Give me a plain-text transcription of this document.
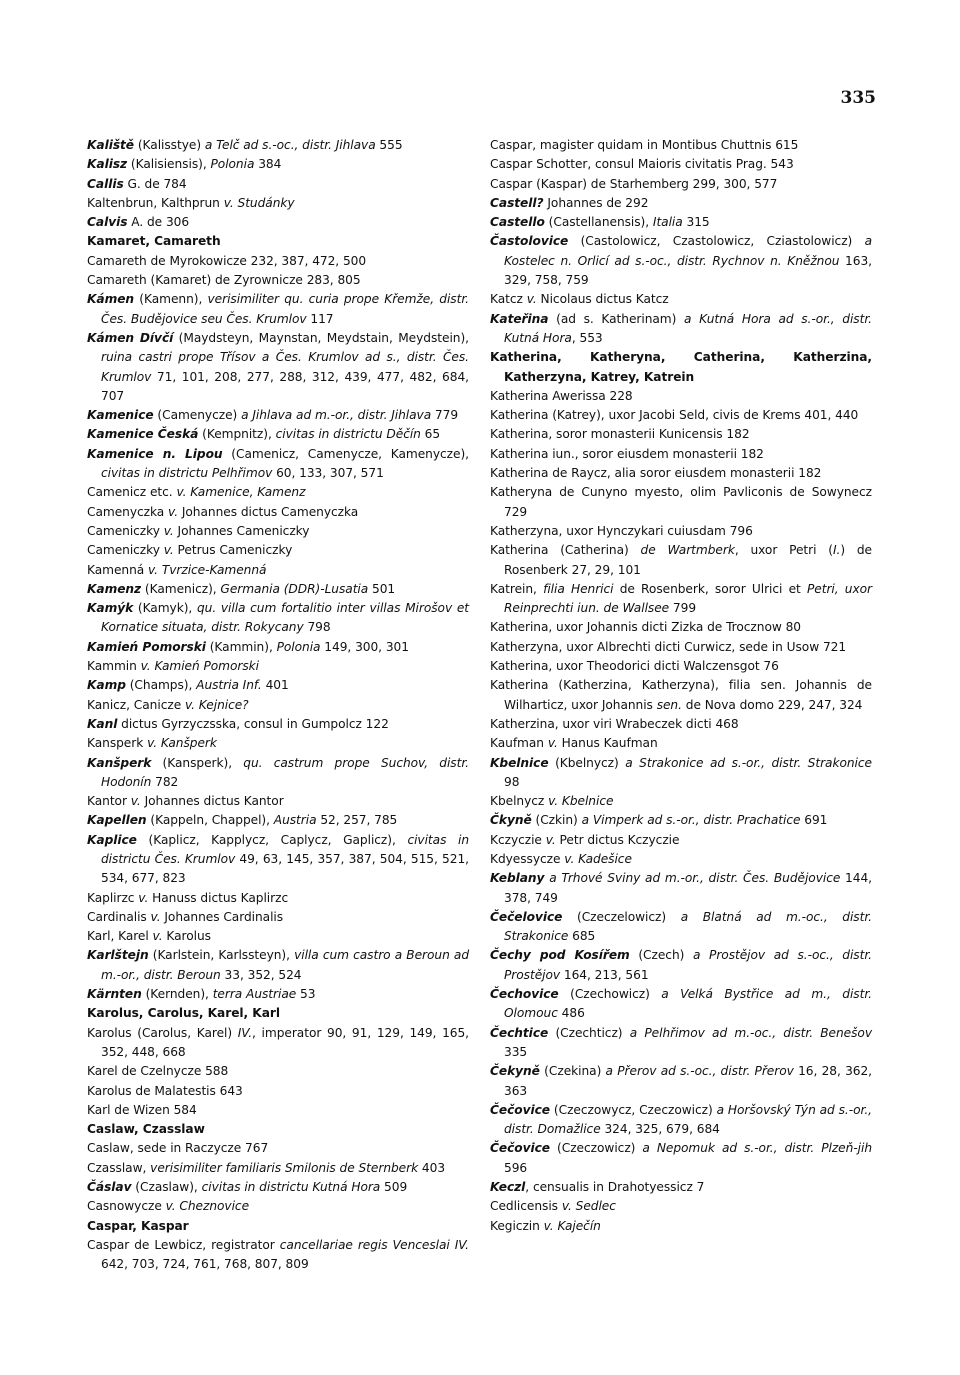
335
Kaliště (Kalisstye) a Telč ad s.-oc., distr. Jihlava 555
Kalisz (Kalisiensis), Polonia 384
Callis G. de 784
Kaltenbrun, Kalthprun v. Studánky
Calvis A. de 306
Kamaret, Camareth
Camareth de Myrokowicze 232, 387, 472, 500
Camareth (Kamaret) de Zyrownicze 283, 805
Kámen (Kamenn), verisimiliter qu. curia prope Křemže, distr. Čes. Budějovice seu Čes. Krumlov 117
Kámen Dívčí (Maydsteyn, Maynstan, Meydstain, Meydstein), ruina castri prope Třísov a Čes. Krumlov ad s., distr. Čes. Krumlov 71, 101, 208, 277, 288, 312, 439, 477, 482, 684, 707
Kamenice (Camenycze) a Jihlava ad m.-or., distr. Jihlava 779
Kamenice Česká (Kempnitz), civitas in districtu Děčín 65
Kamenice n. Lipou (Camenicz, Camenycze, Kamenycze), civitas in districtu Pelhřimov 60, 133, 307, 571
Camenicz etc. v. Kamenice, Kamenz
Camenyczka v. Johannes dictus Camenyczka
Cameniczky v. Johannes Cameniczky
Cameniczky v. Petrus Cameniczky
Kamenná v. Tvrzice-Kamenná
Kamenz (Kamenicz), Germania (DDR)-Lusatia 501
Kamýk (Kamyk), qu. villa cum fortalitio inter villas Mirošov et Kornatice situata, distr. Rokycany 798
Kamień Pomorski (Kammin), Polonia 149, 300, 301
Kammin v. Kamień Pomorski
Kamp (Champs), Austria Inf. 401
Kanicz, Canicze v. Kejnice?
Kanl dictus Gyrzyczsska, consul in Gumpolcz 122
Kansperk v. Kanšperk
Kanšperk (Kansperk), qu. castrum prope Suchov, distr. Hodonín 782
Kantor v. Johannes dictus Kantor
Kapellen (Kappeln, Chappel), Austria 52, 257, 785
Kaplice (Kaplicz, Kapplycz, Caplycz, Gaplicz), civitas in districtu Čes. Krumlov 49, 63, 145, 357, 387, 504, 515, 521, 534, 677, 823
Kaplirzc v. Hanuss dictus Kaplirzc
Cardinalis v. Johannes Cardinalis
Karl, Karel v. Karolus
Karlštejn (Karlstein, Karlssteyn), villa cum castro a Beroun ad m.-or., distr. Beroun 33, 352, 524
Kärnten (Kernden), terra Austriae 53
Karolus, Carolus, Karel, Karl
Karolus (Carolus, Karel) IV., imperator 90, 91, 129, 149, 165, 352, 448, 668
Karel de Czelnycze 588
Karolus de Malatestis 643
Karl de Wizen 584
Caslaw, Czasslaw
Caslaw, sede in Raczycze 767
Czasslaw, verisimiliter familiaris Smilonis de Sternberk 403
Čáslav (Czaslaw), civitas in districtu Kutná Hora 509
Casnowycze v. Cheznovice
Caspar, Kaspar
Caspar de Lewbicz, registrator cancellariae regis Venceslai IV. 642, 703, 724, 761, 768, 807, 809
Caspar, magister quidam in Montibus Chuttnis 615
Caspar Schotter, consul Maioris civitatis Prag. 543
Caspar (Kaspar) de Starhemberg 299, 300, 577
Castell? Johannes de 292
Castello (Castellanensis), Italia 315
Častolovice (Castolowicz, Czastolowicz, Cziastolowicz) a Kostelec n. Orlicí ad s.-oc., distr. Rychnov n. Kněžnou 163, 329, 758, 759
Katcz v. Nicolaus dictus Katcz
Kateřina (ad s. Katherinam) a Kutná Hora ad s.-or., distr. Kutná Hora, 553
Katherina, Katheryna, Catherina, Katherzina, Katherzyna, Katrey, Katrein
Katherina Awerissa 228
Katherina (Katrey), uxor Jacobi Seld, civis de Krems 401, 440
Katherina, soror monasterii Kunicensis 182
Katherina iun., soror eiusdem monasterii 182
Katherina de Raycz, alia soror eiusdem monasterii 182
Katheryna de Cunyno myesto, olim Pavliconis de Sowynecz 729
Katherzyna, uxor Hynczykari cuiusdam 796
Katherina (Catherina) de Wartmberk, uxor Petri (I.) de Rosenberk 27, 29, 101
Katrein, filia Henrici de Rosenberk, soror Ulrici et Petri, uxor Reinprechti iun. de Wallsee 799
Katherina, uxor Johannis dicti Zizka de Trocznow 80
Katherzyna, uxor Albrechti dicti Curwicz, sede in Usow 721
Katherina, uxor Theodorici dicti Walczensgot 76
Katherina (Katherzina, Katherzyna), filia sen. Johannis de Wilharticz, uxor Johannis sen. de Nova domo 229, 247, 324
Katherzina, uxor viri Wrabeczek dicti 468
Kaufman v. Hanus Kaufman
Kbelnice (Kbelnycz) a Strakonice ad s.-or., distr. Strakonice 98
Kbelnycz v. Kbelnice
Čkyně (Czkin) a Vimperk ad s.-or., distr. Prachatice 691
Kczyczie v. Petr dictus Kczyczie
Kdyessycze v. Kadešice
Keblany a Trhové Sviny ad m.-or., distr. Čes. Budějovice 144, 378, 749
Čečelovice (Czeczelowicz) a Blatná ad m.-oc., distr. Strakonice 685
Čechy pod Kosířem (Czech) a Prostějov ad s.-oc., distr. Prostějov 164, 213, 561
Čechovice (Czechowicz) a Velká Bystřice ad m., distr. Olomouc 486
Čechtice (Czechticz) a Pelhřimov ad m.-oc., distr. Benešov 335
Čekyně (Czekina) a Přerov ad s.-oc., distr. Přerov 16, 28, 362, 363
Čečovice (Czeczowycz, Czeczowicz) a Horšovský Týn ad s.-or., distr. Domažlice 324, 325, 679, 684
Čečovice (Czeczowicz) a Nepomuk ad s.-or., distr. Plzeň-jih 596
Keczl, censualis in Drahotyessicz 7
Cedlicensis v. Sedlec
Kegiczin v. Kaječín
